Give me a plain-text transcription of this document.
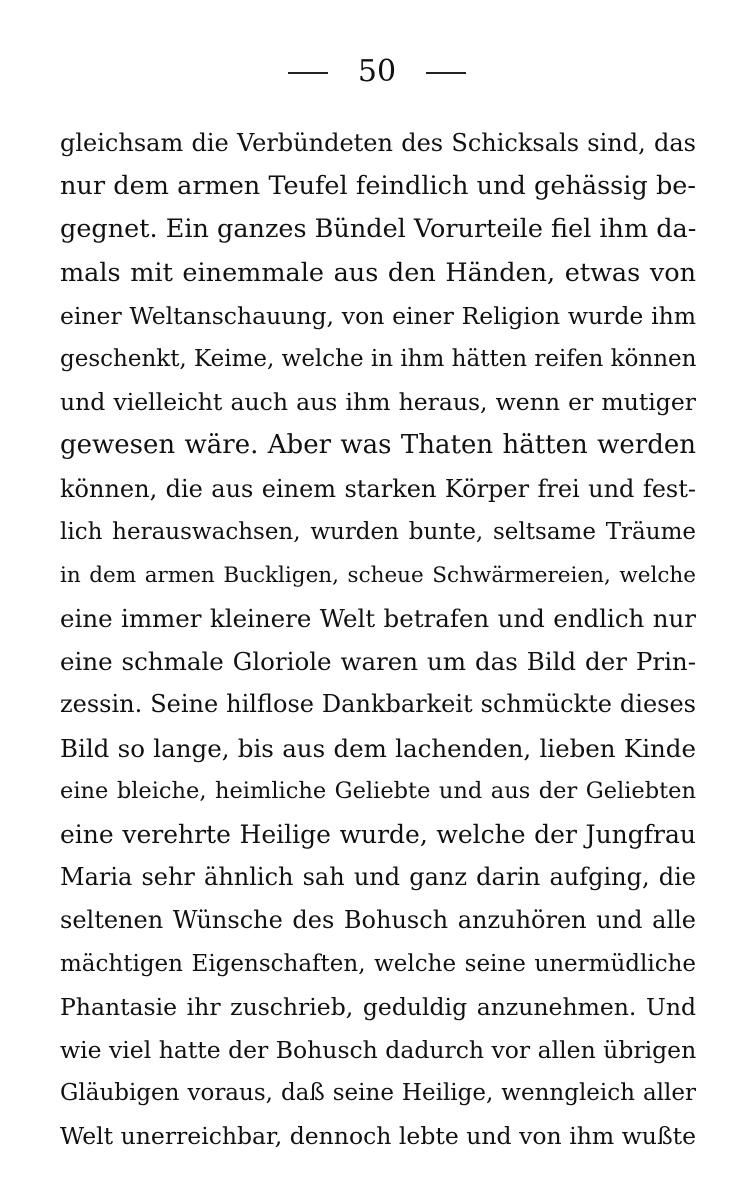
50
gleichsam die Verbündeten des Schicksals sind, das
nur dem armen Teufel feindlich und gehässig be-
gegnet. Ein ganzes Bündel Vorurteile fiel ihm da-
mals mit einemmale aus den Händen, etwas von
einer Weltanschauung, von einer Religion wurde ihm
geschenkt, Keime, welche in ihm hätten reifen können
und vielleicht auch aus ihm heraus, wenn er mutiger
gewesen wäre. Aber was Thaten hätten werden
können, die aus einem starken Körper frei und fest-
lich herauswachsen, wurden bunte, seltsame Träume
in dem armen Buckligen, scheue Schwärmereien, welche
eine immer kleinere Welt betrafen und endlich nur
eine schmale Gloriole waren um das Bild der Prin-
zessin. Seine hilflose Dankbarkeit schmückte dieses
Bild so lange, bis aus dem lachenden, lieben Kinde
eine bleiche, heimliche Geliebte und aus der Geliebten
eine verehrte Heilige wurde, welche der Jungfrau
Maria sehr ähnlich sah und ganz darin aufging, die
seltenen Wünsche des Bohusch anzuhören und alle
mächtigen Eigenschaften, welche seine unermüdliche
Phantasie ihr zuschrieb, geduldig anzunehmen. Und
wie viel hatte der Bohusch dadurch vor allen übrigen
Gläubigen voraus, daß seine Heilige, wenngleich aller
Welt unerreichbar, dennoch lebte und von ihm wußte
